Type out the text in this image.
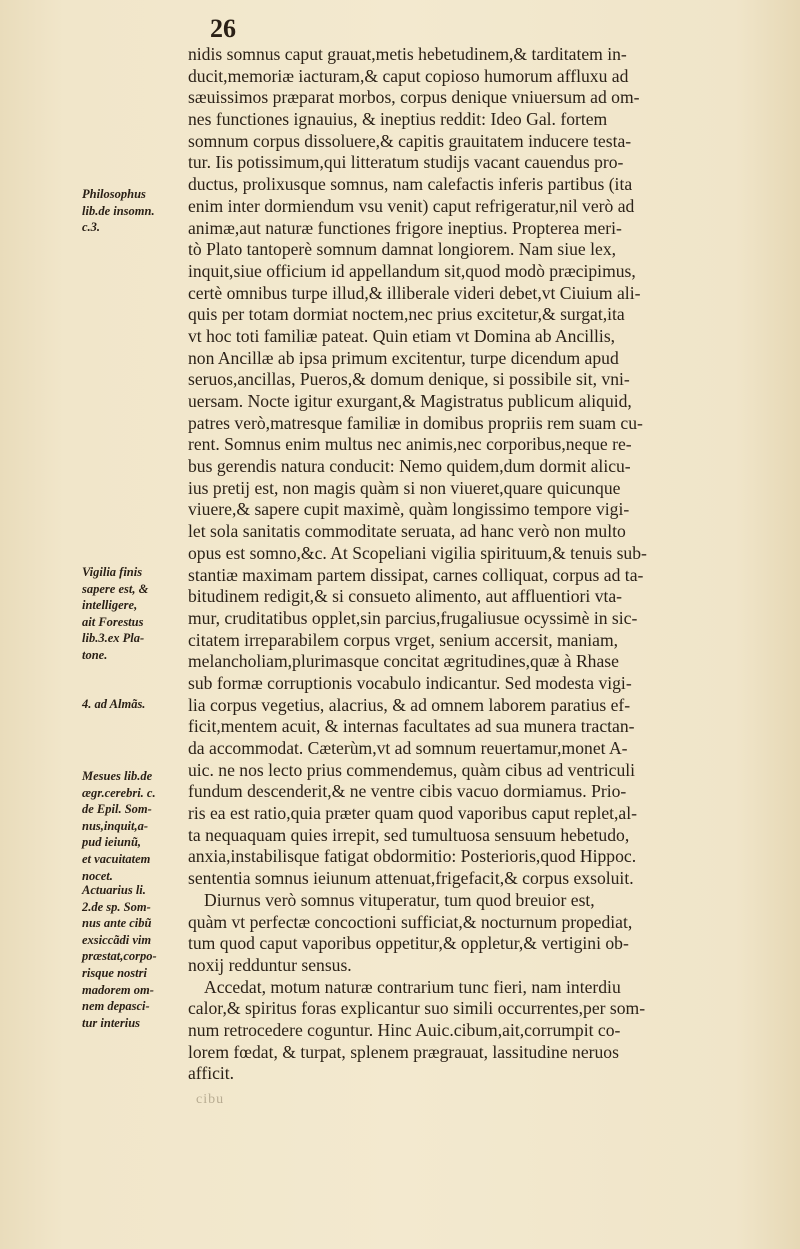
26
nidis somnus caput grauat,metis hebetudinem,& tarditatem in-
ducit,memoriæ iacturam,& caput copioso humorum affluxu ad
sæuissimos præparat morbos, corpus denique vniuersum ad om-
nes functiones ignauius, & ineptius reddit: Ideo Gal. fortem
somnum corpus dissoluere,& capitis grauitatem inducere testa-
tur. Iis potissimum,qui litteratum studijs vacant cauendus pro-
ductus, prolixusque somnus, nam calefactis inferis partibus (ita
enim inter dormiendum vsu venit) caput refrigeratur,nil verò ad
animæ,aut naturæ functiones frigore ineptius. Propterea meri-
tò Plato tantoperè somnum damnat longiorem. Nam siue lex,
inquit,siue officium id appellandum sit,quod modò præcipimus,
certè omnibus turpe illud,& illiberale videri debet,vt Ciuium ali-
quis per totam dormiat noctem,nec prius excitetur,& surgat,ita
vt hoc toti familiæ pateat. Quin etiam vt Domina ab Ancillis,
non Ancillæ ab ipsa primum excitentur, turpe dicendum apud
seruos,ancillas, Pueros,& domum denique, si possibile sit, vni-
uersam. Nocte igitur exurgant,& Magistratus publicum aliquid,
patres verò,matresque familiæ in domibus propriis rem suam cu-
rent. Somnus enim multus nec animis,nec corporibus,neque re-
bus gerendis natura conducit: Nemo quidem,dum dormit alicu-
ius pretij est, non magis quàm si non viueret,quare quicunque
viuere,& sapere cupit maximè, quàm longissimo tempore vigi-
let sola sanitatis commoditate seruata, ad hanc verò non multo
opus est somno,&c. At Scopeliani vigilia spirituum,& tenuis sub-
stantiæ maximam partem dissipat, carnes colliquat, corpus ad ta-
bitudinem redigit,& si consueto alimento, aut affluentiori vta-
mur, cruditatibus opplet,sin parcius,frugaliusue ocyssimè in sic-
citatem irreparabilem corpus vrget, senium accersit, maniam,
melancholiam,plurimasque concitat ægritudines,quæ à Rhase
sub formæ corruptionis vocabulo indicantur. Sed modesta vigi-
lia corpus vegetius, alacrius, & ad omnem laborem paratius ef-
ficit,mentem acuit, & internas facultates ad sua munera tractan-
da accommodat. Cæterùm,vt ad somnum reuertamur,monet A-
uic. ne nos lecto prius commendemus, quàm cibus ad ventriculi
fundum descenderit,& ne ventre cibis vacuo dormiamus. Prio-
ris ea est ratio,quia præter quam quod vaporibus caput replet,al-
ta nequaquam quies irrepit, sed tumultuosa sensuum hebetudo,
anxia,instabilisque fatigat obdormitio: Posterioris,quod Hippoc.
sententia somnus ieiunum attenuat,frigefacit,& corpus exsoluit.
Diurnus verò somnus vituperatur, tum quod breuior est,
quàm vt perfectæ concoctioni sufficiat,& nocturnum propediat,
tum quod caput vaporibus oppetitur,& oppletur,& vertigini ob-
noxij redduntur sensus.
Accedat, motum naturæ contrarium tunc fieri, nam interdiu
calor,& spiritus foras explicantur suo simili occurrentes,per som-
num retrocedere coguntur. Hinc Auic.cibum,ait,corrumpit co-
lorem fœdat, & turpat, splenem prægrauat, lassitudine neruos
afficit.
Philosophus
lib.de insomn.
c.3.
Vigilia finis
sapere est, &
intelligere,
ait Forestus
lib.3.ex Pla-
tone.
4. ad Almãs.
Mesues lib.de
ægr.cerebri. c.
de Epil. Som-
nus,inquit,a-
pud ieiunũ,
et vacuitatem
nocet.
Actuarius li.
2.de sp. Som-
nus ante cibũ
exsiccãdi vim
præstat,corpo-
risque nostri
madorem om-
nem depasci-
tur interius
cibu
